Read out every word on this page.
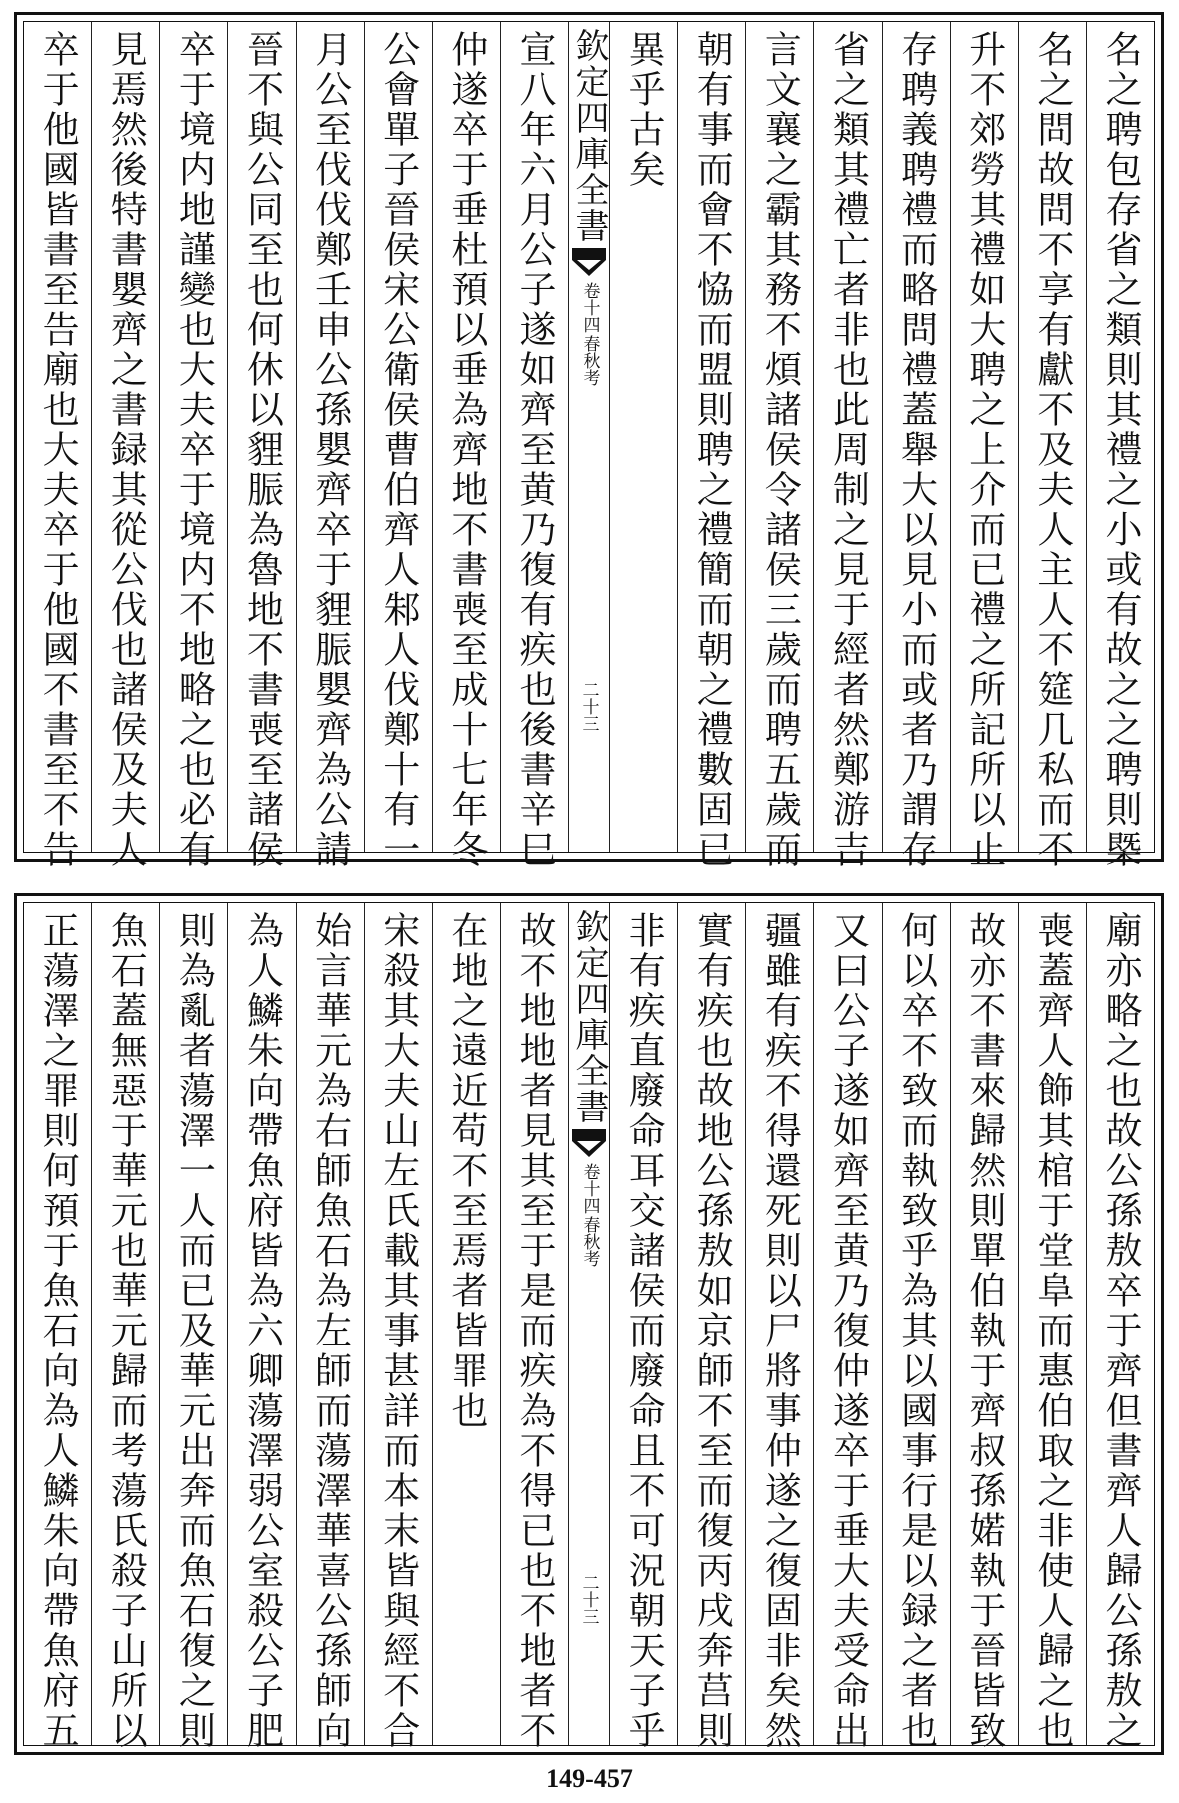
名之聘包存省之類則其禮之小或有故之之聘則槩
名之問故問不享有獻不及夫人主人不筵几私而不
升不郊勞其禮如大聘之上介而已禮之所記所以止
存聘義聘禮而略問禮蓋舉大以見小而或者乃謂存
省之類其禮亡者非也此周制之見于經者然鄭游吉
言文襄之霸其務不煩諸侯令諸侯三歲而聘五歲而
朝有事而會不恊而盟則聘之禮簡而朝之禮數固已
異乎古矣
欽定四庫全書
春秋考
卷十四
二十三
宣八年六月公子遂如齊至黄乃復有疾也後書辛巳
仲遂卒于垂杜預以垂為齊地不書喪至成十七年冬
公會單子晉侯宋公衛侯曹伯齊人邾人伐鄭十有一
月公至伐伐鄭壬申公孫嬰齊卒于貍脤嬰齊為公請
晉不與公同至也何休以貍脤為魯地不書喪至諸侯
卒于境内地謹變也大夫卒于境内不地略之也必有
見焉然後特書嬰齊之書録其從公伐也諸侯及夫人
卒于他國皆書至告廟也大夫卒于他國不書至不告
廟亦略之也故公孫敖卒于齊但書齊人歸公孫敖之
喪蓋齊人飾其棺于堂阜而惠伯取之非使人歸之也
故亦不書來歸然則單伯執于齊叔孫婼執于晉皆致
何以卒不致而執致乎為其以國事行是以録之者也
又曰公子遂如齊至黄乃復仲遂卒于垂大夫受命出
疆雖有疾不得還死則以尸將事仲遂之復固非矣然
實有疾也故地公孫敖如京師不至而復丙戌奔莒則
非有疾直廢命耳交諸侯而廢命且不可況朝天子乎
欽定四庫全書
春秋考
卷十四
二十三
故不地地者見其至于是而疾為不得已也不地者不
在地之遠近苟不至焉者皆罪也
宋殺其大夫山左氏載其事甚詳而本末皆與經不合
始言華元為右師魚石為左師而蕩澤華喜公孫師向
為人鱗朱向帶魚府皆為六卿蕩澤弱公室殺公子肥
則為亂者蕩澤一人而已及華元出奔而魚石復之則
魚石蓋無惡于華元也華元歸而考蕩氏殺子山所以
正蕩澤之罪則何預于魚石向為人鱗朱向帶魚府五
149-457
